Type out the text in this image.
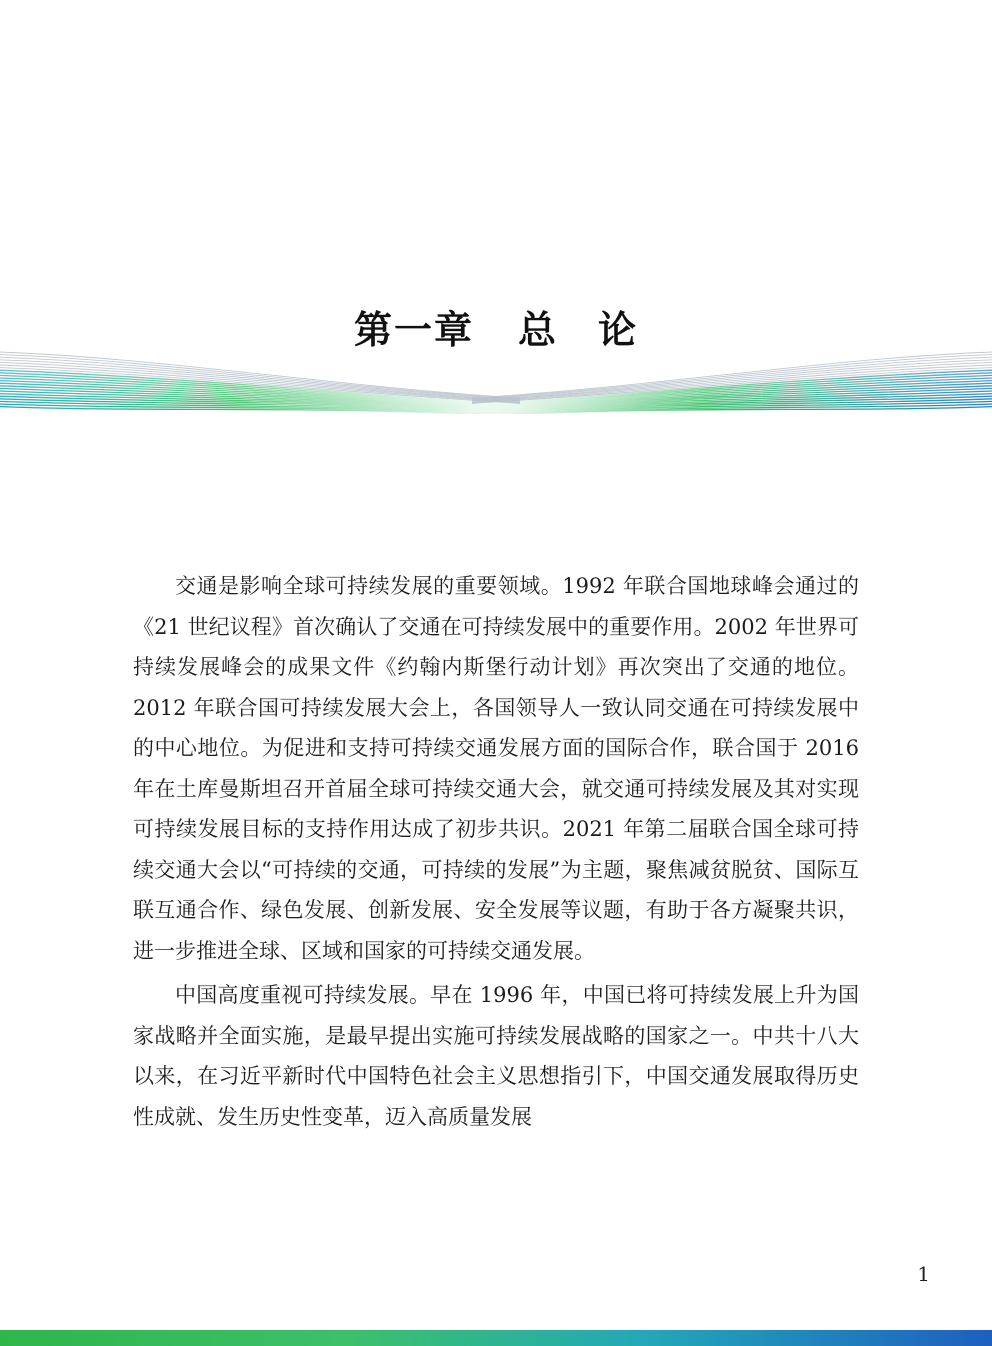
第一章 总　论

交通是影响全球可持续发展的重要领域。1992 年联合国地球峰会通过的《21 世纪议程》首次确认了交通在可持续发展中的重要作用。2002 年世界可持续发展峰会的成果文件《约翰内斯堡行动计划》再次突出了交通的地位。2012 年联合国可持续发展大会上，各国领导人一致认同交通在可持续发展中的中心地位。为促进和支持可持续交通发展方面的国际合作，联合国于 2016 年在土库曼斯坦召开首届全球可持续交通大会，就交通可持续发展及其对实现可持续发展目标的支持作用达成了初步共识。2021 年第二届联合国全球可持续交通大会以“可持续的交通，可持续的发展”为主题，聚焦减贫脱贫、国际互联互通合作、绿色发展、创新发展、安全发展等议题，有助于各方凝聚共识，进一步推进全球、区域和国家的可持续交通发展。

中国高度重视可持续发展。早在 1996 年，中国已将可持续发展上升为国家战略并全面实施，是最早提出实施可持续发展战略的国家之一。中共十八大以来，在习近平新时代中国特色社会主义思想指引下，中国交通发展取得历史性成就、发生历史性变革，迈入高质量发展

1
